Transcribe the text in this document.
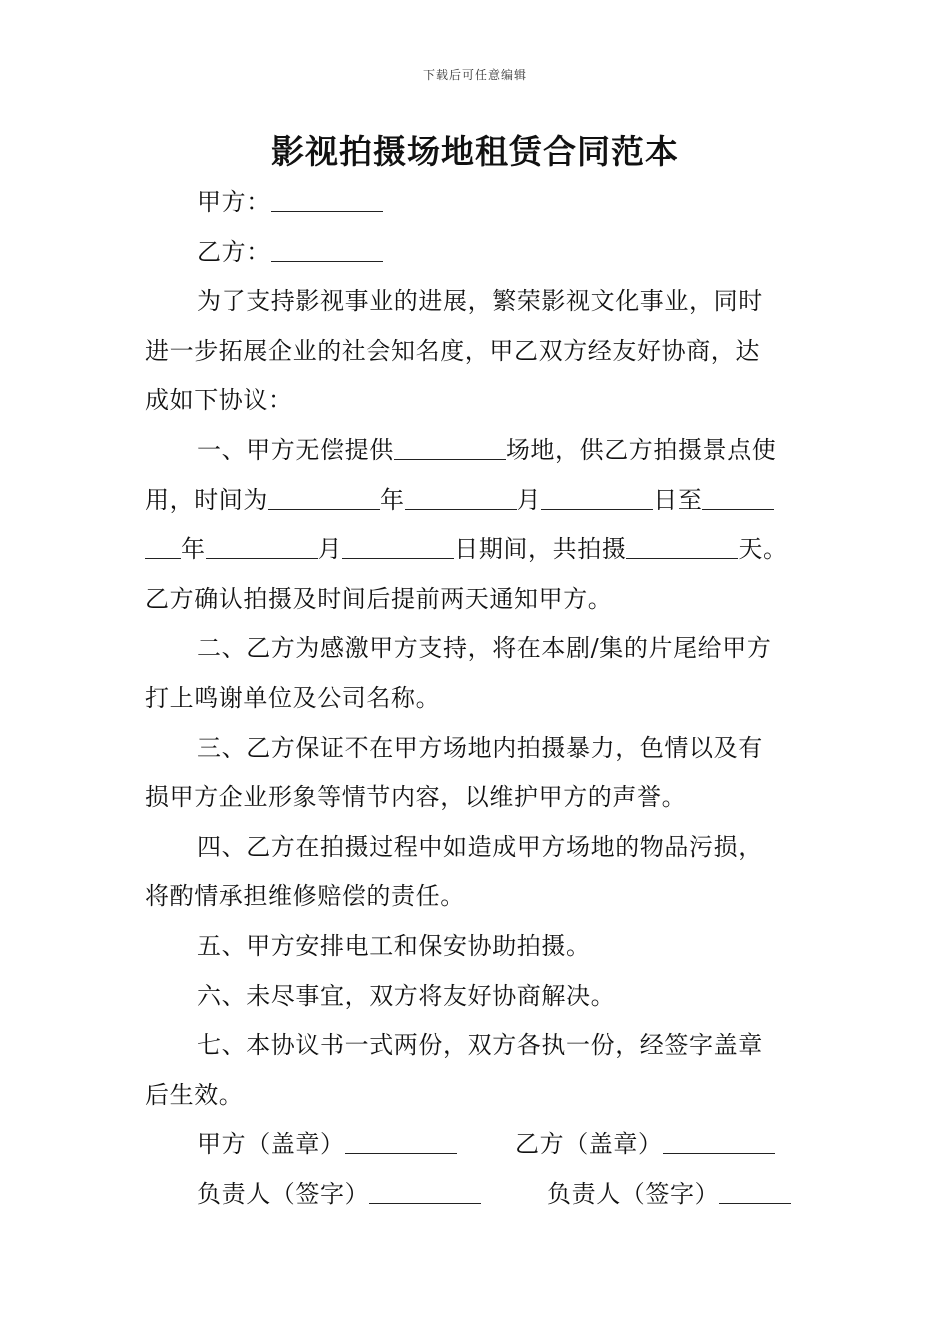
下载后可任意编辑
影视拍摄场地租赁合同范本
甲方：
乙方：
为了支持影视事业的进展，繁荣影视文化事业，同时
进一步拓展企业的社会知名度，甲乙双方经友好协商，达
成如下协议：
一、甲方无偿提供	场地，供乙方拍摄景点使
用，时间为	年	月	日至
年	月	日期间，共拍摄	天。
乙方确认拍摄及时间后提前两天通知甲方。
二、乙方为感激甲方支持，将在本剧/集的片尾给甲方
打上鸣谢单位及公司名称。
三、乙方保证不在甲方场地内拍摄暴力，色情以及有
损甲方企业形象等情节内容，以维护甲方的声誉。
四、乙方在拍摄过程中如造成甲方场地的物品污损，
将酌情承担维修赔偿的责任。
五、甲方安排电工和保安协助拍摄。
六、未尽事宜，双方将友好协商解决。
七、本协议书一式两份，双方各执一份，经签字盖章
后生效。
甲方（盖章）	乙方（盖章）
负责人（签字）	负责人（签字）
